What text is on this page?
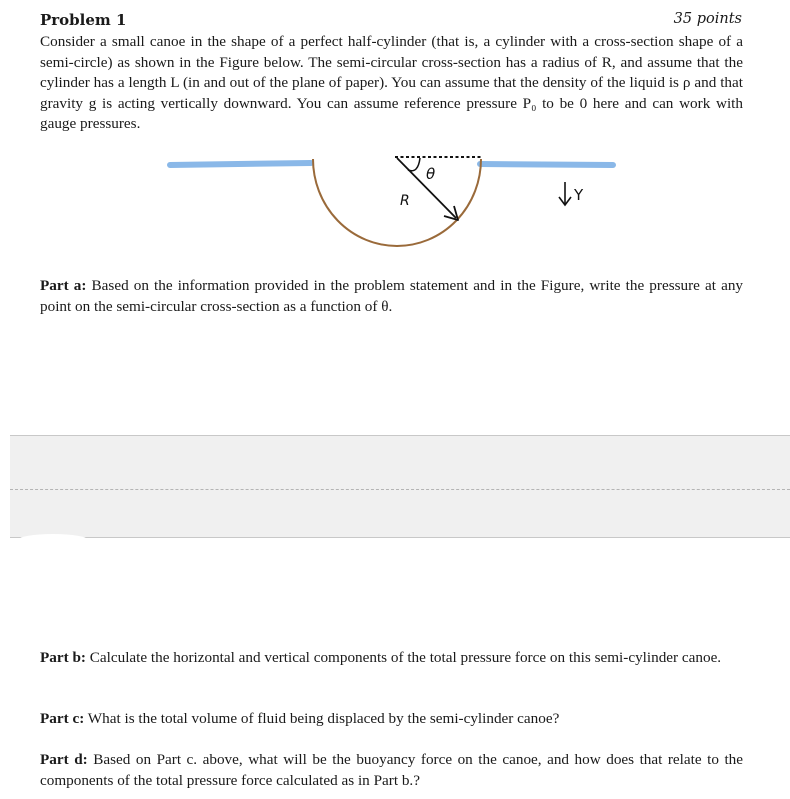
Problem 1	35 points

Consider a small canoe in the shape of a perfect half-cylinder (that is, a cylinder with a cross-section shape of a semi-circle) as shown in the Figure below. The semi-circular cross-section has a radius of R, and assume that the cylinder has a length L (in and out of the plane of paper). You can assume that the density of the liquid is ρ and that gravity g is acting vertically downward. You can assume reference pressure P₀ to be 0 here and can work with gauge pressures.

θ
R	Y

Part a: Based on the information provided in the problem statement and in the Figure, write the pressure at any point on the semi-circular cross-section as a function of θ.

Part b: Calculate the horizontal and vertical components of the total pressure force on this semi-cylinder canoe.

Part c: What is the total volume of fluid being displaced by the semi-cylinder canoe?

Part d: Based on Part c. above, what will be the buoyancy force on the canoe, and how does that relate to the components of the total pressure force calculated as in Part b.?
